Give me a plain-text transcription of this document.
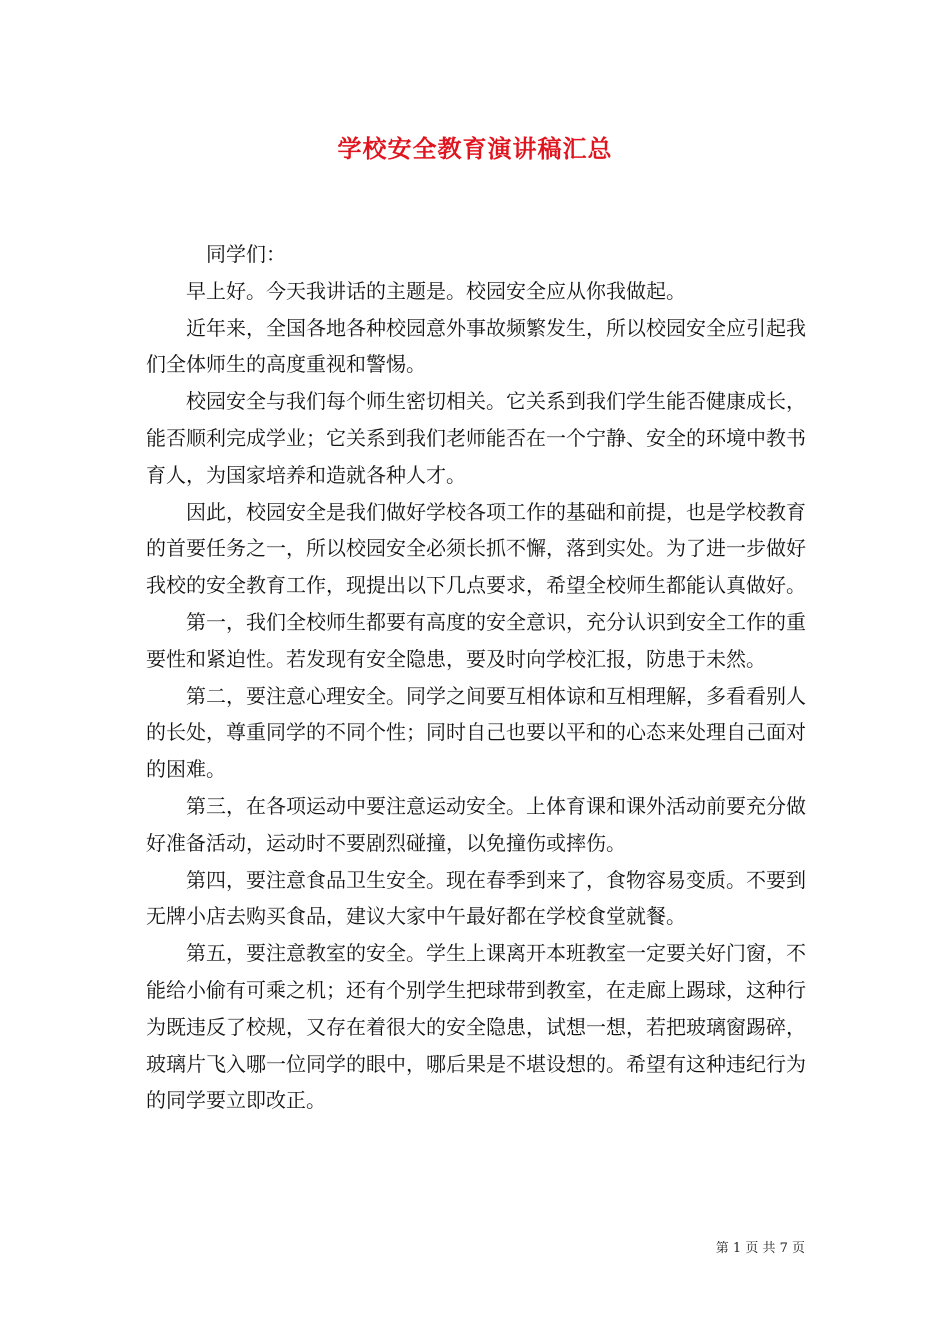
学校安全教育演讲稿汇总

同学们：

早上好。今天我讲话的主题是。校园安全应从你我做起。

近年来，全国各地各种校园意外事故频繁发生，所以校园安全应引起我们全体师生的高度重视和警惕。

校园安全与我们每个师生密切相关。它关系到我们学生能否健康成长，能否顺利完成学业；它关系到我们老师能否在一个宁静、安全的环境中教书育人，为国家培养和造就各种人才。

因此，校园安全是我们做好学校各项工作的基础和前提，也是学校教育的首要任务之一，所以校园安全必须长抓不懈，落到实处。为了进一步做好我校的安全教育工作，现提出以下几点要求，希望全校师生都能认真做好。

第一，我们全校师生都要有高度的安全意识，充分认识到安全工作的重要性和紧迫性。若发现有安全隐患，要及时向学校汇报，防患于未然。

第二，要注意心理安全。同学之间要互相体谅和互相理解，多看看别人的长处，尊重同学的不同个性；同时自己也要以平和的心态来处理自己面对的困难。

第三，在各项运动中要注意运动安全。上体育课和课外活动前要充分做好准备活动，运动时不要剧烈碰撞，以免撞伤或摔伤。

第四，要注意食品卫生安全。现在春季到来了，食物容易变质。不要到无牌小店去购买食品，建议大家中午最好都在学校食堂就餐。

第五，要注意教室的安全。学生上课离开本班教室一定要关好门窗，不能给小偷有可乘之机；还有个别学生把球带到教室，在走廊上踢球，这种行为既违反了校规，又存在着很大的安全隐患，试想一想，若把玻璃窗踢碎，玻璃片飞入哪一位同学的眼中，哪后果是不堪设想的。希望有这种违纪行为的同学要立即改正。

第 1 页 共 7 页
